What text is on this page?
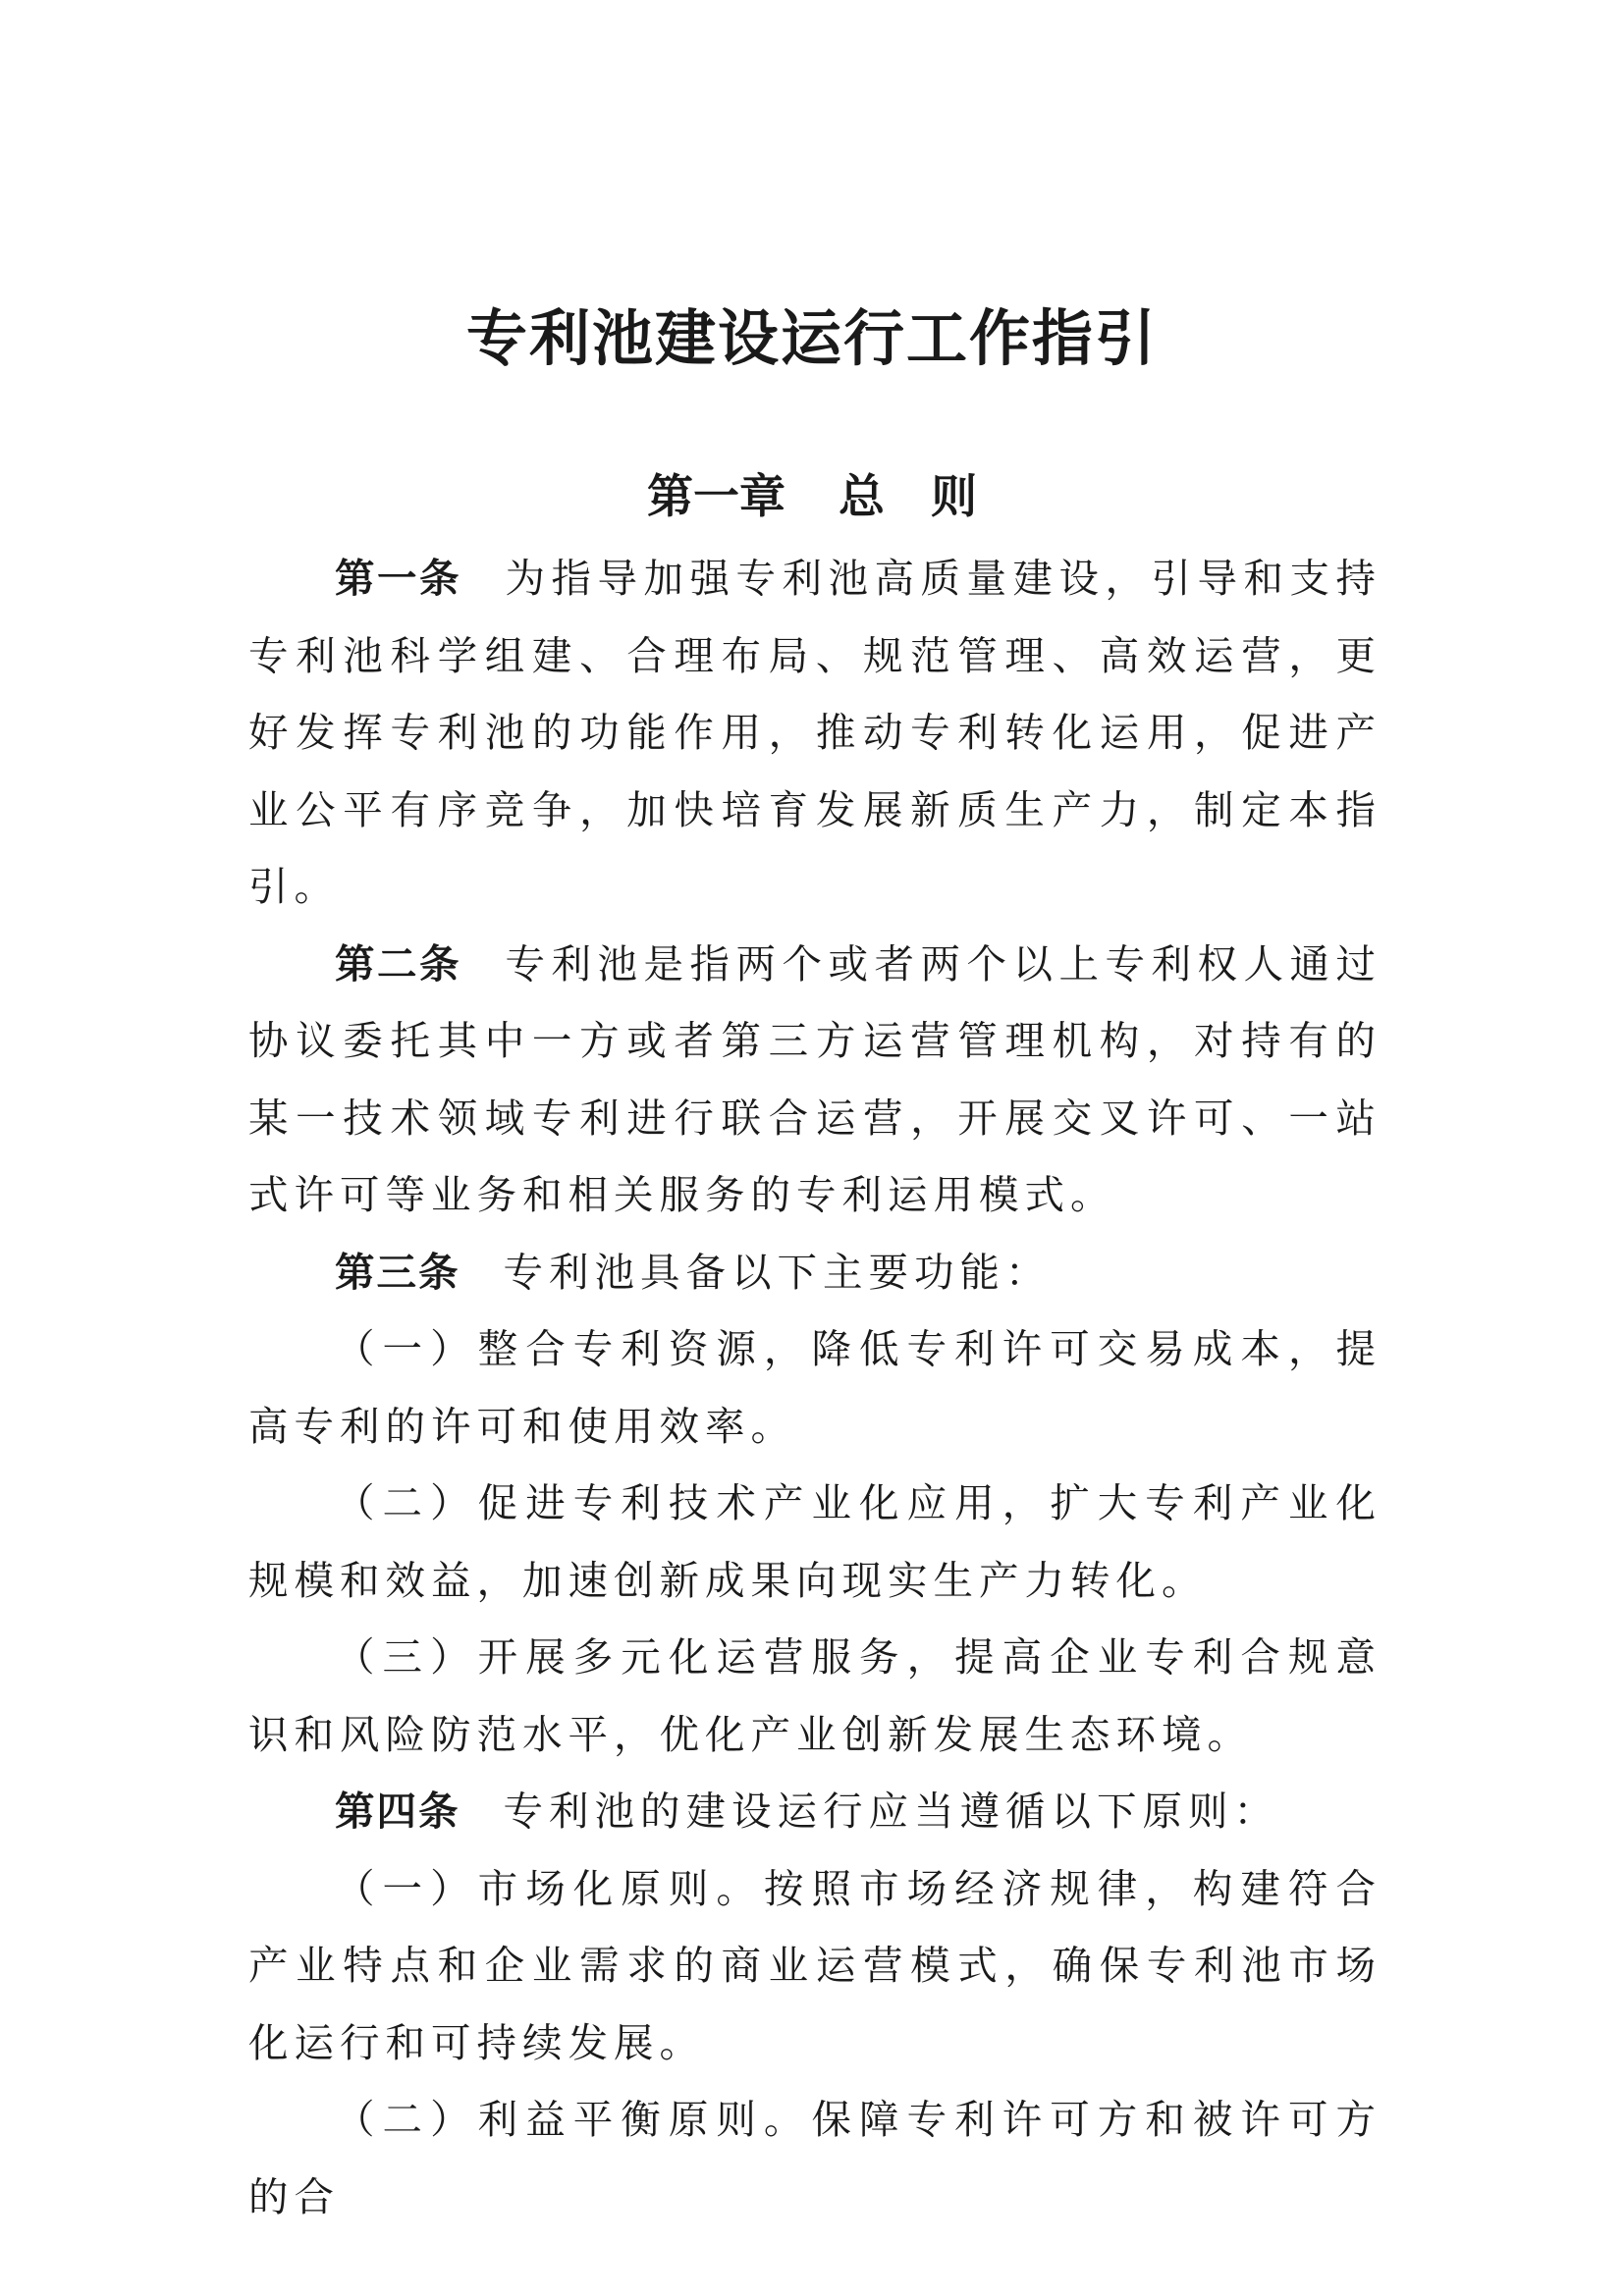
专利池建设运行工作指引
第一章 总　则

第一条 为指导加强专利池高质量建设，引导和支持专利池科学组建、合理布局、规范管理、高效运营，更好发挥专利池的功能作用，推动专利转化运用，促进产业公平有序竞争，加快培育发展新质生产力，制定本指引。

第二条 专利池是指两个或者两个以上专利权人通过协议委托其中一方或者第三方运营管理机构，对持有的某一技术领域专利进行联合运营，开展交叉许可、一站式许可等业务和相关服务的专利运用模式。

第三条 专利池具备以下主要功能：

（一）整合专利资源，降低专利许可交易成本，提高专利的许可和使用效率。

（二）促进专利技术产业化应用，扩大专利产业化规模和效益，加速创新成果向现实生产力转化。

（三）开展多元化运营服务，提高企业专利合规意识和风险防范水平，优化产业创新发展生态环境。

第四条 专利池的建设运行应当遵循以下原则：

（一）市场化原则。按照市场经济规律，构建符合产业特点和企业需求的商业运营模式，确保专利池市场化运行和可持续发展。

（二）利益平衡原则。保障专利许可方和被许可方的合
